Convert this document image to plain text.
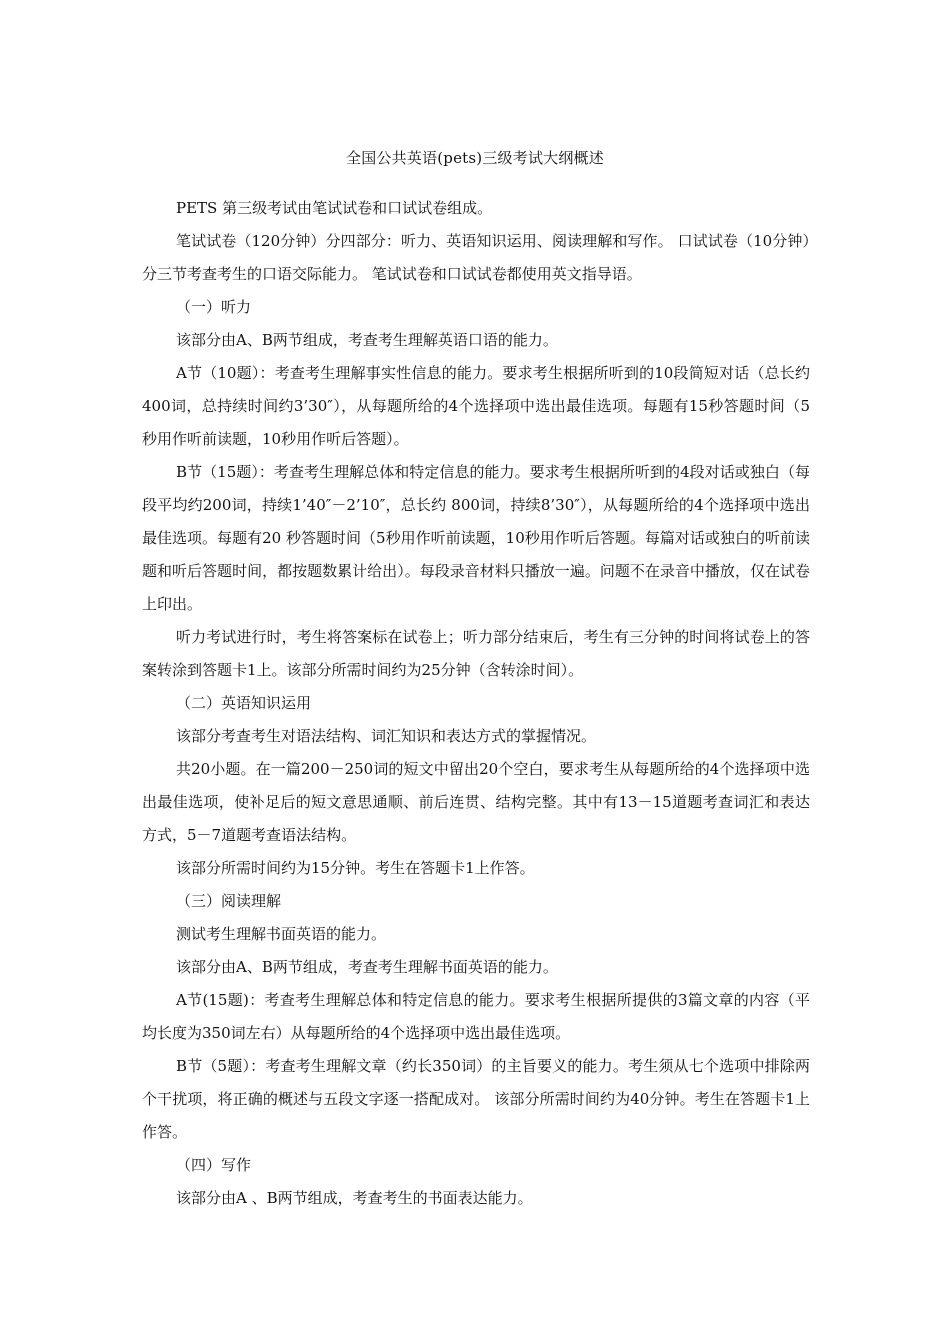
全国公共英语(pets)三级考试大纲概述

PETS 第三级考试由笔试试卷和口试试卷组成。

笔试试卷（120分钟）分四部分：听力、英语知识运用、阅读理解和写作。 口试试卷（10分钟）分三节考查考生的口语交际能力。 笔试试卷和口试试卷都使用英文指导语。

（一）听力

该部分由A、B两节组成，考查考生理解英语口语的能力。

A节（10题）：考查考生理解事实性信息的能力。要求考生根据所听到的10段简短对话（总长约400词，总持续时间约3’30″），从每题所给的4个选择项中选出最佳选项。每题有15秒答题时间（5秒用作听前读题，10秒用作听后答题）。

B节（15题）：考查考生理解总体和特定信息的能力。要求考生根据所听到的4段对话或独白（每段平均约200词，持续1’40″－2’10″，总长约 800词，持续8’30″），从每题所给的4个选择项中选出最佳选项。每题有20 秒答题时间（5秒用作听前读题，10秒用作听后答题。每篇对话或独白的听前读题和听后答题时间，都按题数累计给出）。每段录音材料只播放一遍。问题不在录音中播放，仅在试卷上印出。

听力考试进行时，考生将答案标在试卷上；听力部分结束后，考生有三分钟的时间将试卷上的答案转涂到答题卡1上。该部分所需时间约为25分钟（含转涂时间）。

（二）英语知识运用

该部分考查考生对语法结构、词汇知识和表达方式的掌握情况。

共20小题。在一篇200－250词的短文中留出20个空白，要求考生从每题所给的4个选择项中选出最佳选项，使补足后的短文意思通顺、前后连贯、结构完整。其中有13－15道题考查词汇和表达方式，5－7道题考查语法结构。

该部分所需时间约为15分钟。考生在答题卡1上作答。

（三）阅读理解

测试考生理解书面英语的能力。

该部分由A、B两节组成，考查考生理解书面英语的能力。

A节(15题)：考查考生理解总体和特定信息的能力。要求考生根据所提供的3篇文章的内容（平均长度为350词左右）从每题所给的4个选择项中选出最佳选项。

B节（5题）：考查考生理解文章（约长350词）的主旨要义的能力。考生须从七个选项中排除两个干扰项，将正确的概述与五段文字逐一搭配成对。 该部分所需时间约为40分钟。考生在答题卡1上作答。

（四）写作

该部分由A 、B两节组成，考查考生的书面表达能力。
